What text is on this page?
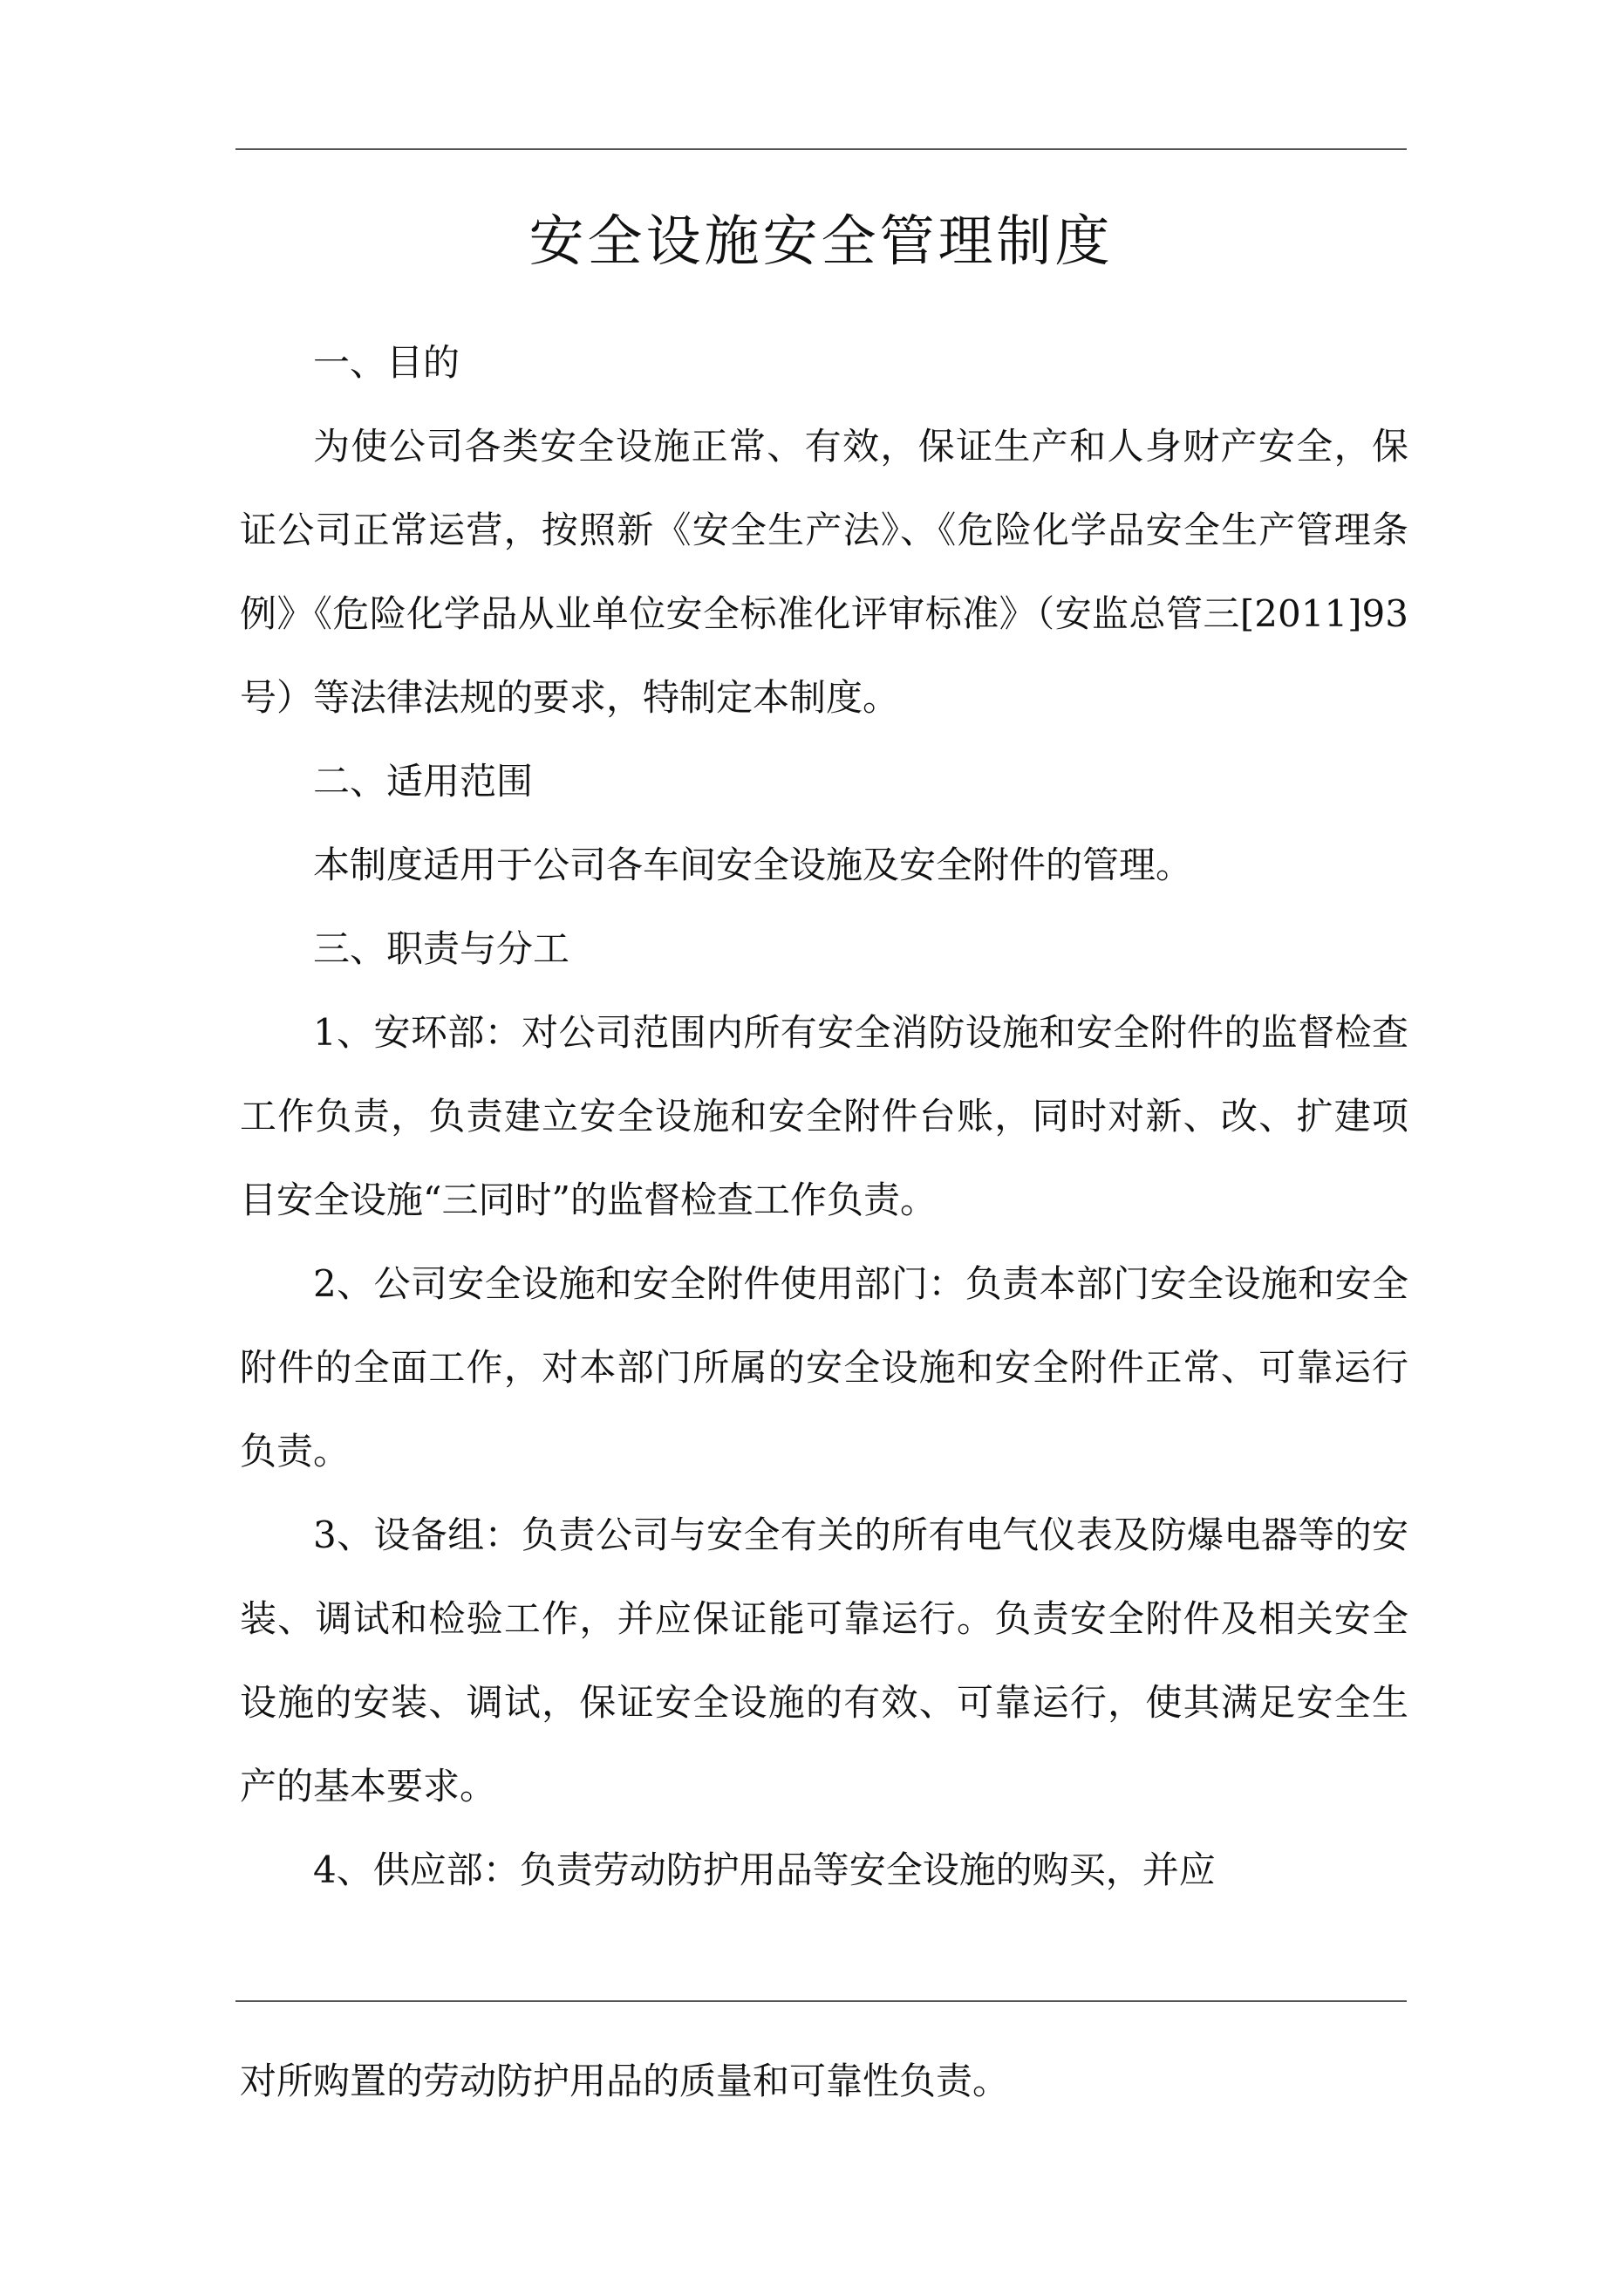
安全设施安全管理制度

一、目的

为使公司各类安全设施正常、有效，保证生产和人身财产安全，保证公司正常运营，按照新《安全生产法》、《危险化学品安全生产管理条例》《危险化学品从业单位安全标准化评审标准》（安监总管三[2011]93号）等法律法规的要求，特制定本制度。

二、适用范围

本制度适用于公司各车间安全设施及安全附件的管理。

三、职责与分工

1、安环部：对公司范围内所有安全消防设施和安全附件的监督检查工作负责，负责建立安全设施和安全附件台账，同时对新、改、扩建项目安全设施“三同时”的监督检查工作负责。

2、公司安全设施和安全附件使用部门：负责本部门安全设施和安全附件的全面工作，对本部门所属的安全设施和安全附件正常、可靠运行负责。

3、设备组：负责公司与安全有关的所有电气仪表及防爆电器等的安装、调试和检验工作，并应保证能可靠运行。负责安全附件及相关安全设施的安装、调试，保证安全设施的有效、可靠运行，使其满足安全生产的基本要求。

4、供应部：负责劳动防护用品等安全设施的购买，并应

对所购置的劳动防护用品的质量和可靠性负责。
